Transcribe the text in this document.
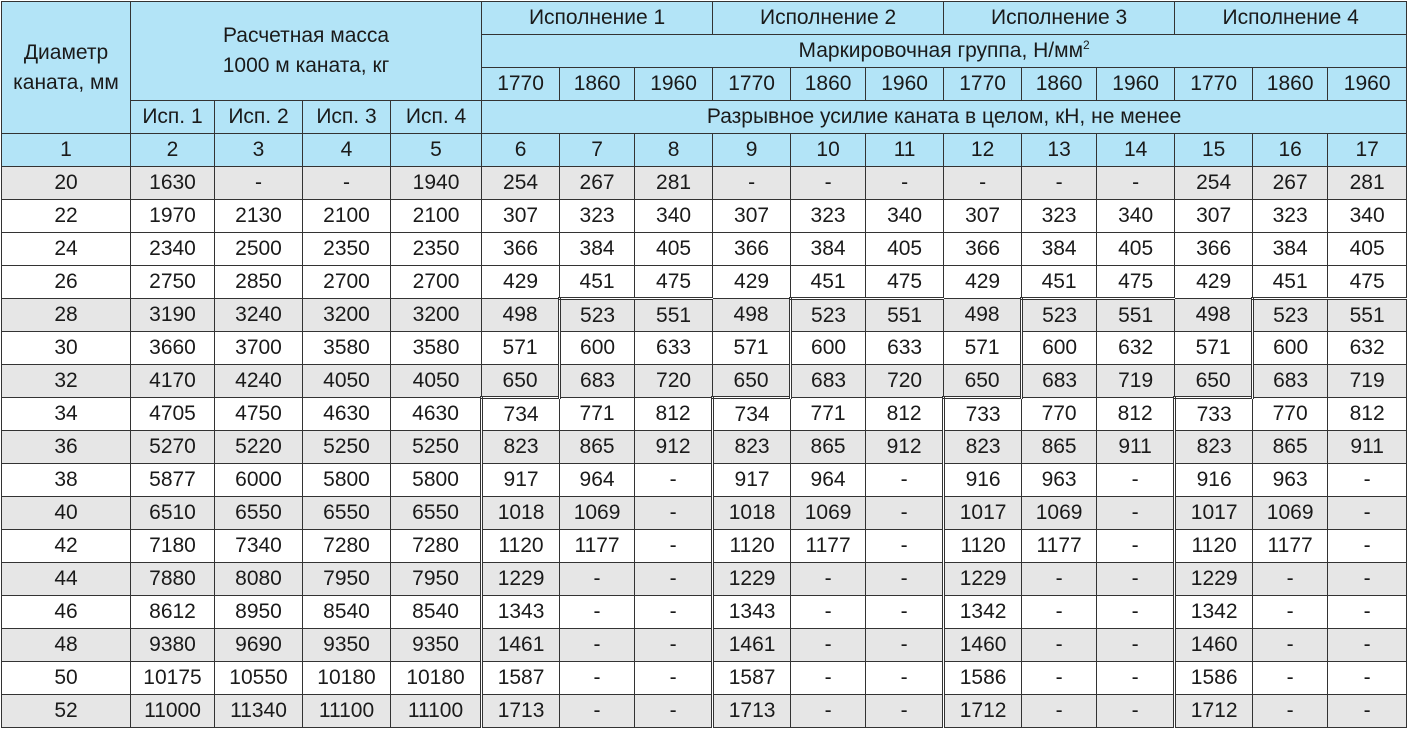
Диаметр каната, мм	Расчетная масса
1000 м каната, кг				Исполнение 1			Исполнение 2			Исполнение 3			Исполнение 4		
					Маркировочная группа, $Н/мм^2$
					1770	1860	1960	1770	1860	1960	1770	1860	1960	1770	1860	1960
	Исп. 1	Исп. 2	Исп. 3	Исп. 4	Разрывное усилие каната в целом, кН, не менее											
1	2	3	4	5	6	7	8	9	10	11	12	13	14	15	16	17
20	1630	-	-	1940	254	267	281	-	-	-	-	-	-	254	267	281
22	1970	2130	2100	2100	307	323	340	307	323	340	307	323	340	307	323	340
24	2340	2500	2350	2350	366	384	405	366	384	405	366	384	405	366	384	405
26	2750	2850	2700	2700	429	451	475	429	451	475	429	451	475	429	451	475
28	3190	3240	3200	3200	498	523	551	498	523	551	498	523	551	498	523	551
30	3660	3700	3580	3580	571	600	633	571	600	633	571	600	632	571	600	632
32	4170	4240	4050	4050	650	683	720	650	683	720	650	683	719	650	683	719
34	4705	4750	4630	4630	734	771	812	734	771	812	733	770	812	733	770	812
36	5270	5220	5250	5250	823	865	912	823	865	912	823	865	911	823	865	911
38	5877	6000	5800	5800	917	964	-	917	964	-	916	963	-	916	963	-
40	6510	6550	6550	6550	1018	1069	-	1018	1069	-	1017	1069	-	1017	1069	-
42	7180	7340	7280	7280	1120	1177	-	1120	1177	-	1120	1177	-	1120	1177	-
44	7880	8080	7950	7950	1229	-	-	1229	-	-	1229	-	-	1229	-	-
46	8612	8950	8540	8540	1343	-	-	1343	-	-	1342	-	-	1342	-	-
48	9380	9690	9350	9350	1461	-	-	1461	-	-	1460	-	-	1460	-	-
50	10175	10550	10180	10180	1587	-	-	1587	-	-	1586	-	-	1586	-	-
52	11000	11340	11100	11100	1713	-	-	1713	-	-	1712	-	-	1712	-	-
